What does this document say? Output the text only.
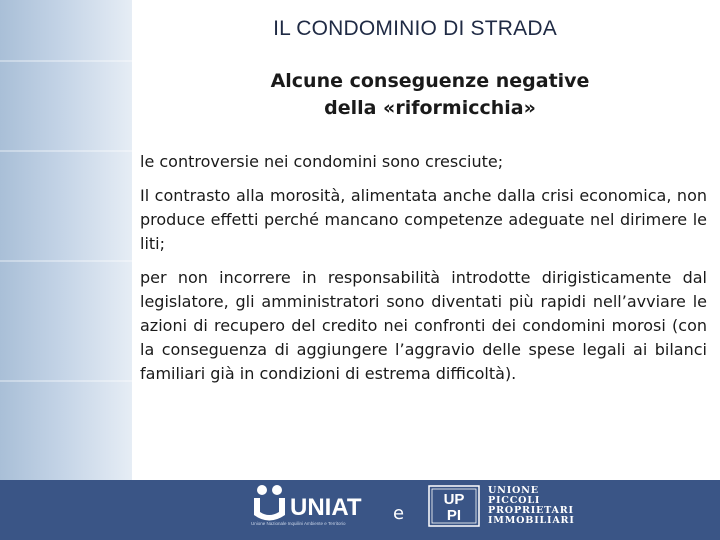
IL CONDOMINIO DI STRADA
Alcune conseguenze negative
della «riformicchia»

le controversie nei condomini sono cresciute;

Il contrasto alla morosità, alimentata anche dalla crisi economica, non produce effetti perché mancano competenze adeguate nel dirimere le liti;

per non incorrere in responsabilità introdotte dirigisticamente dal legislatore, gli amministratori sono diventati più rapidi nell’avviare le azioni di recupero del credito nei confronti dei condomini morosi (con la conseguenza di aggiungere l’aggravio delle spese legali ai bilanci familiari già in condizioni di estrema difficoltà).

UNIAT
Unione Nazionale Inquilini Ambiente e Territorio	e
UP
PI
UNIONE
PICCOLI
PROPRIETARI
IMMOBILIARI
